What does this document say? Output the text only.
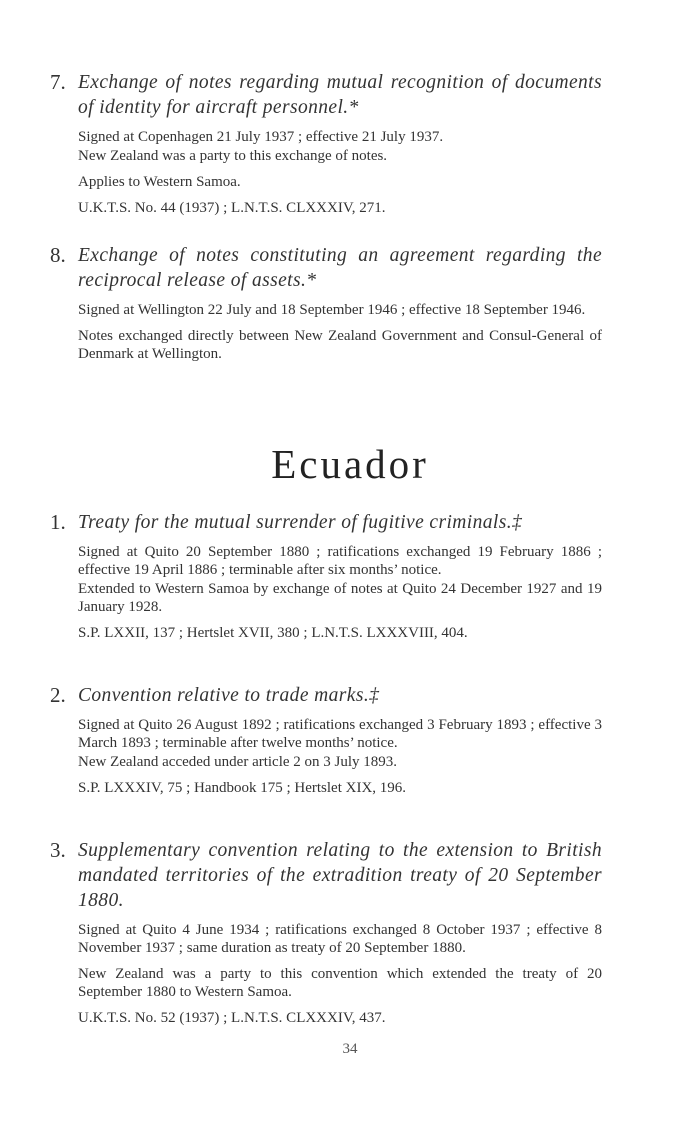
7. Exchange of notes regarding mutual recognition of documents of identity for aircraft personnel.*
Signed at Copenhagen 21 July 1937 ; effective 21 July 1937.
New Zealand was a party to this exchange of notes.
Applies to Western Samoa.
U.K.T.S. No. 44 (1937) ; L.N.T.S. CLXXXIV, 271.
8. Exchange of notes constituting an agreement regarding the reciprocal release of assets.*
Signed at Wellington 22 July and 18 September 1946 ; effective 18 September 1946.
Notes exchanged directly between New Zealand Government and Consul-General of Denmark at Wellington.
Ecuador
1. Treaty for the mutual surrender of fugitive criminals.‡
Signed at Quito 20 September 1880 ; ratifications exchanged 19 February 1886 ; effective 19 April 1886 ; terminable after six months’ notice.
Extended to Western Samoa by exchange of notes at Quito 24 December 1927 and 19 January 1928.
S.P. LXXII, 137 ; Hertslet XVII, 380 ; L.N.T.S. LXXXVIII, 404.
2. Convention relative to trade marks.‡
Signed at Quito 26 August 1892 ; ratifications exchanged 3 February 1893 ; effective 3 March 1893 ; terminable after twelve months’ notice.
New Zealand acceded under article 2 on 3 July 1893.
S.P. LXXXIV, 75 ; Handbook 175 ; Hertslet XIX, 196.
3. Supplementary convention relating to the extension to British mandated territories of the extradition treaty of 20 September 1880.
Signed at Quito 4 June 1934 ; ratifications exchanged 8 October 1937 ; effective 8 November 1937 ; same duration as treaty of 20 September 1880.
New Zealand was a party to this convention which extended the treaty of 20 September 1880 to Western Samoa.
U.K.T.S. No. 52 (1937) ; L.N.T.S. CLXXXIV, 437.
34
